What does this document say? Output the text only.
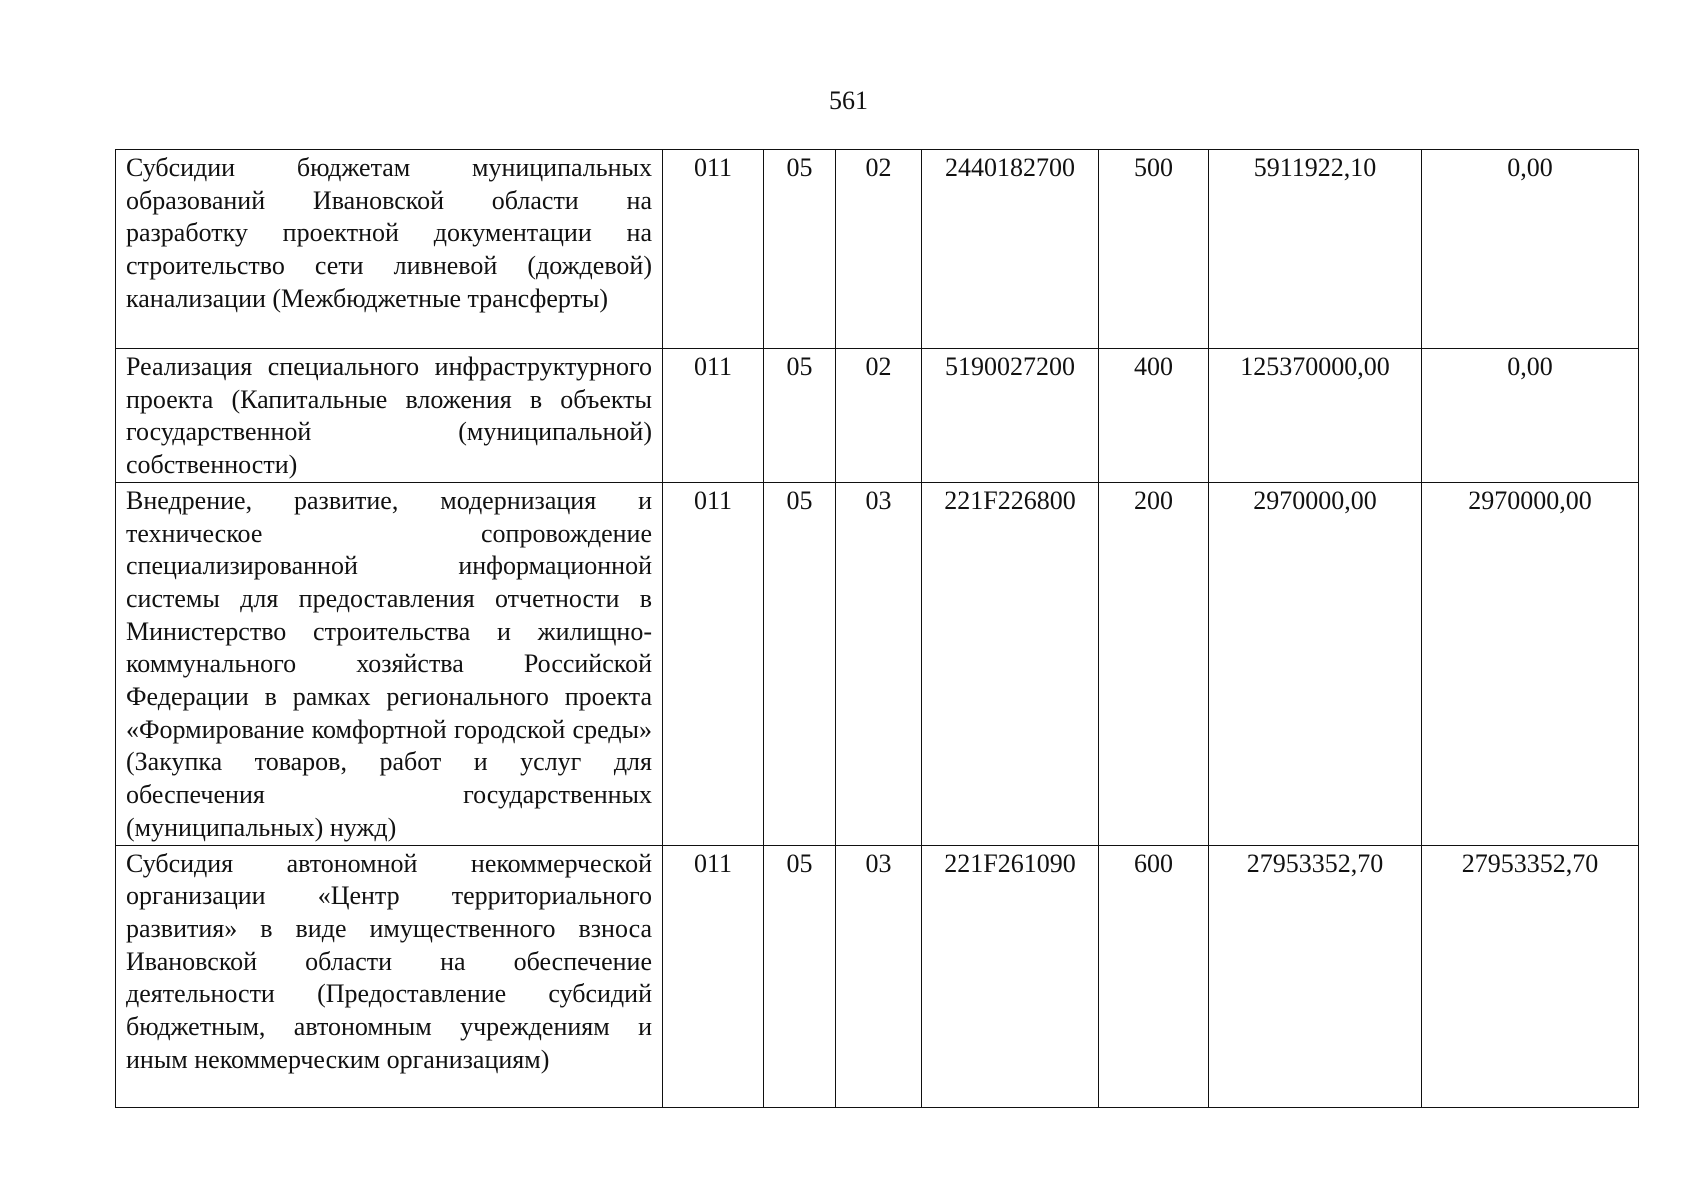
561
Субсидии бюджетам муниципальных образований Ивановской области на разработку проектной документации на строительство сети ливневой (дождевой) канализации (Межбюджетные трансферты)	011	05	02	2440182700	500	5911922,10	0,00
Реализация специального инфраструктурного проекта (Капитальные вложения в объекты государственной (муниципальной) собственности)	011	05	02	5190027200	400	125370000,00	0,00
Внедрение, развитие, модернизация и техническое сопровождение специализированной информационной системы для предоставления отчетности в Министерство строительства и жилищно-коммунального хозяйства Российской Федерации в рамках регионального проекта «Формирование комфортной городской среды» (Закупка товаров, работ и услуг для обеспечения государственных (муниципальных) нужд)	011	05	03	221F226800	200	2970000,00	2970000,00
Субсидия автономной некоммерческой организации «Центр территориального развития» в виде имущественного взноса Ивановской области на обеспечение деятельности (Предоставление субсидий бюджетным, автономным учреждениям и иным некоммерческим организациям)	011	05	03	221F261090	600	27953352,70	27953352,70
